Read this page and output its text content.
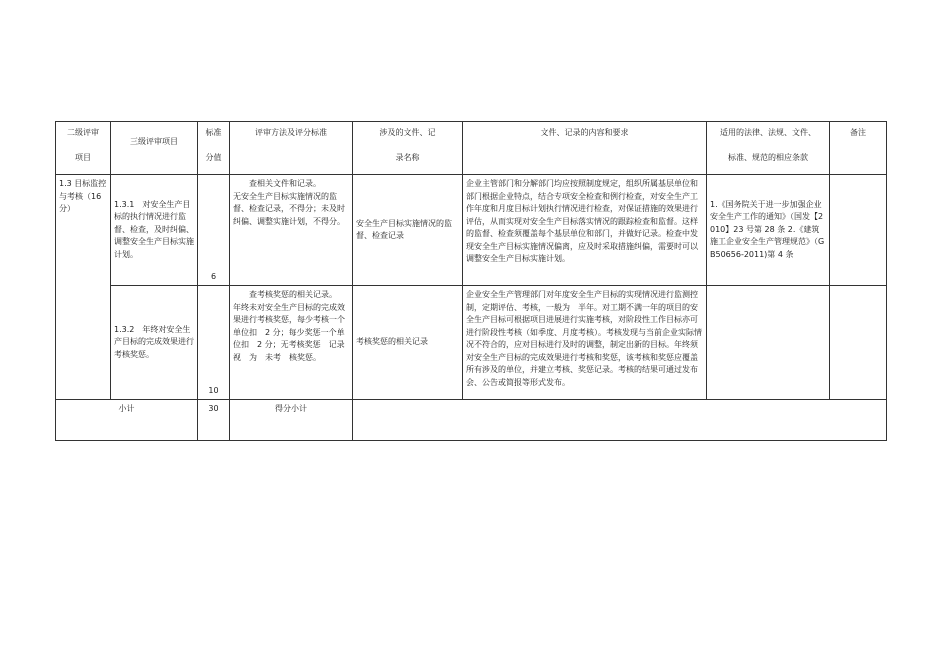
二级评审
项目	三级评审项目	标准
分值	评审方法及评分标准	涉及的文件、记
录名称	文件、记录的内容和要求	适用的法律、法规、文件、
标准、规范的相应条款	备注
1.3 目标监控与考核（16 分）	1.3.1　对安全生产目标的执行情况进行监督、检查，及时纠偏、调整安全生产目标实施计划。	6	查相关文件和记录。
无安全生产目标实施情况的监督、检查记录，不得分；未及时纠偏、调整实施计划，不得分。	安全生产目标实施情况的监督、检查记录	企业主管部门和分解部门均应按照制度规定，组织所属基层单位和部门根据企业特点，结合专项安全检查和例行检查，对安全生产工作年度和月度目标计划执行情况进行检查，对保证措施的效果进行评估，从而实现对安全生产目标落实情况的跟踪检查和监督。这样的监督、检查须覆盖每个基层单位和部门，并做好记录。检查中发现安全生产目标实施情况偏离，应及时采取措施纠偏，需要时可以调整安全生产目标实施计划。	1.《国务院关于进一步加强企业安全生产工作的通知》（国发【2010】23 号第 28 条 2.《建筑施工企业安全生产管理规范》（GB50656-2011)第 4 条	
	1.3.2　年终对安全生产目标的完成效果进行考核奖惩。	10	查考核奖惩的相关记录。
年终未对安全生产目标的完成效果进行考核奖惩，每少考核一个单位扣　2 分；每少奖惩一个单位扣　2 分；无考核奖惩　记录　视　为　未考　核奖惩。	考核奖惩的相关记录	企业安全生产管理部门对年度安全生产目标的实现情况进行监测控制，定期评估、考核，一般为　半年。对工期不满一年的项目的安全生产目标可根据项目进展进行实施考核，对阶段性工作目标亦可进行阶段性考核（如季度、月度考核）。考核发现与当前企业实际情况不符合的，应对目标进行及时的调整，制定出新的目标。年终须对安全生产目标的完成效果进行考核和奖惩，该考核和奖惩应覆盖所有涉及的单位，并建立考核、奖惩记录。考核的结果可通过发布会、公告或简报等形式发布。		
小计		30	得分小计				
